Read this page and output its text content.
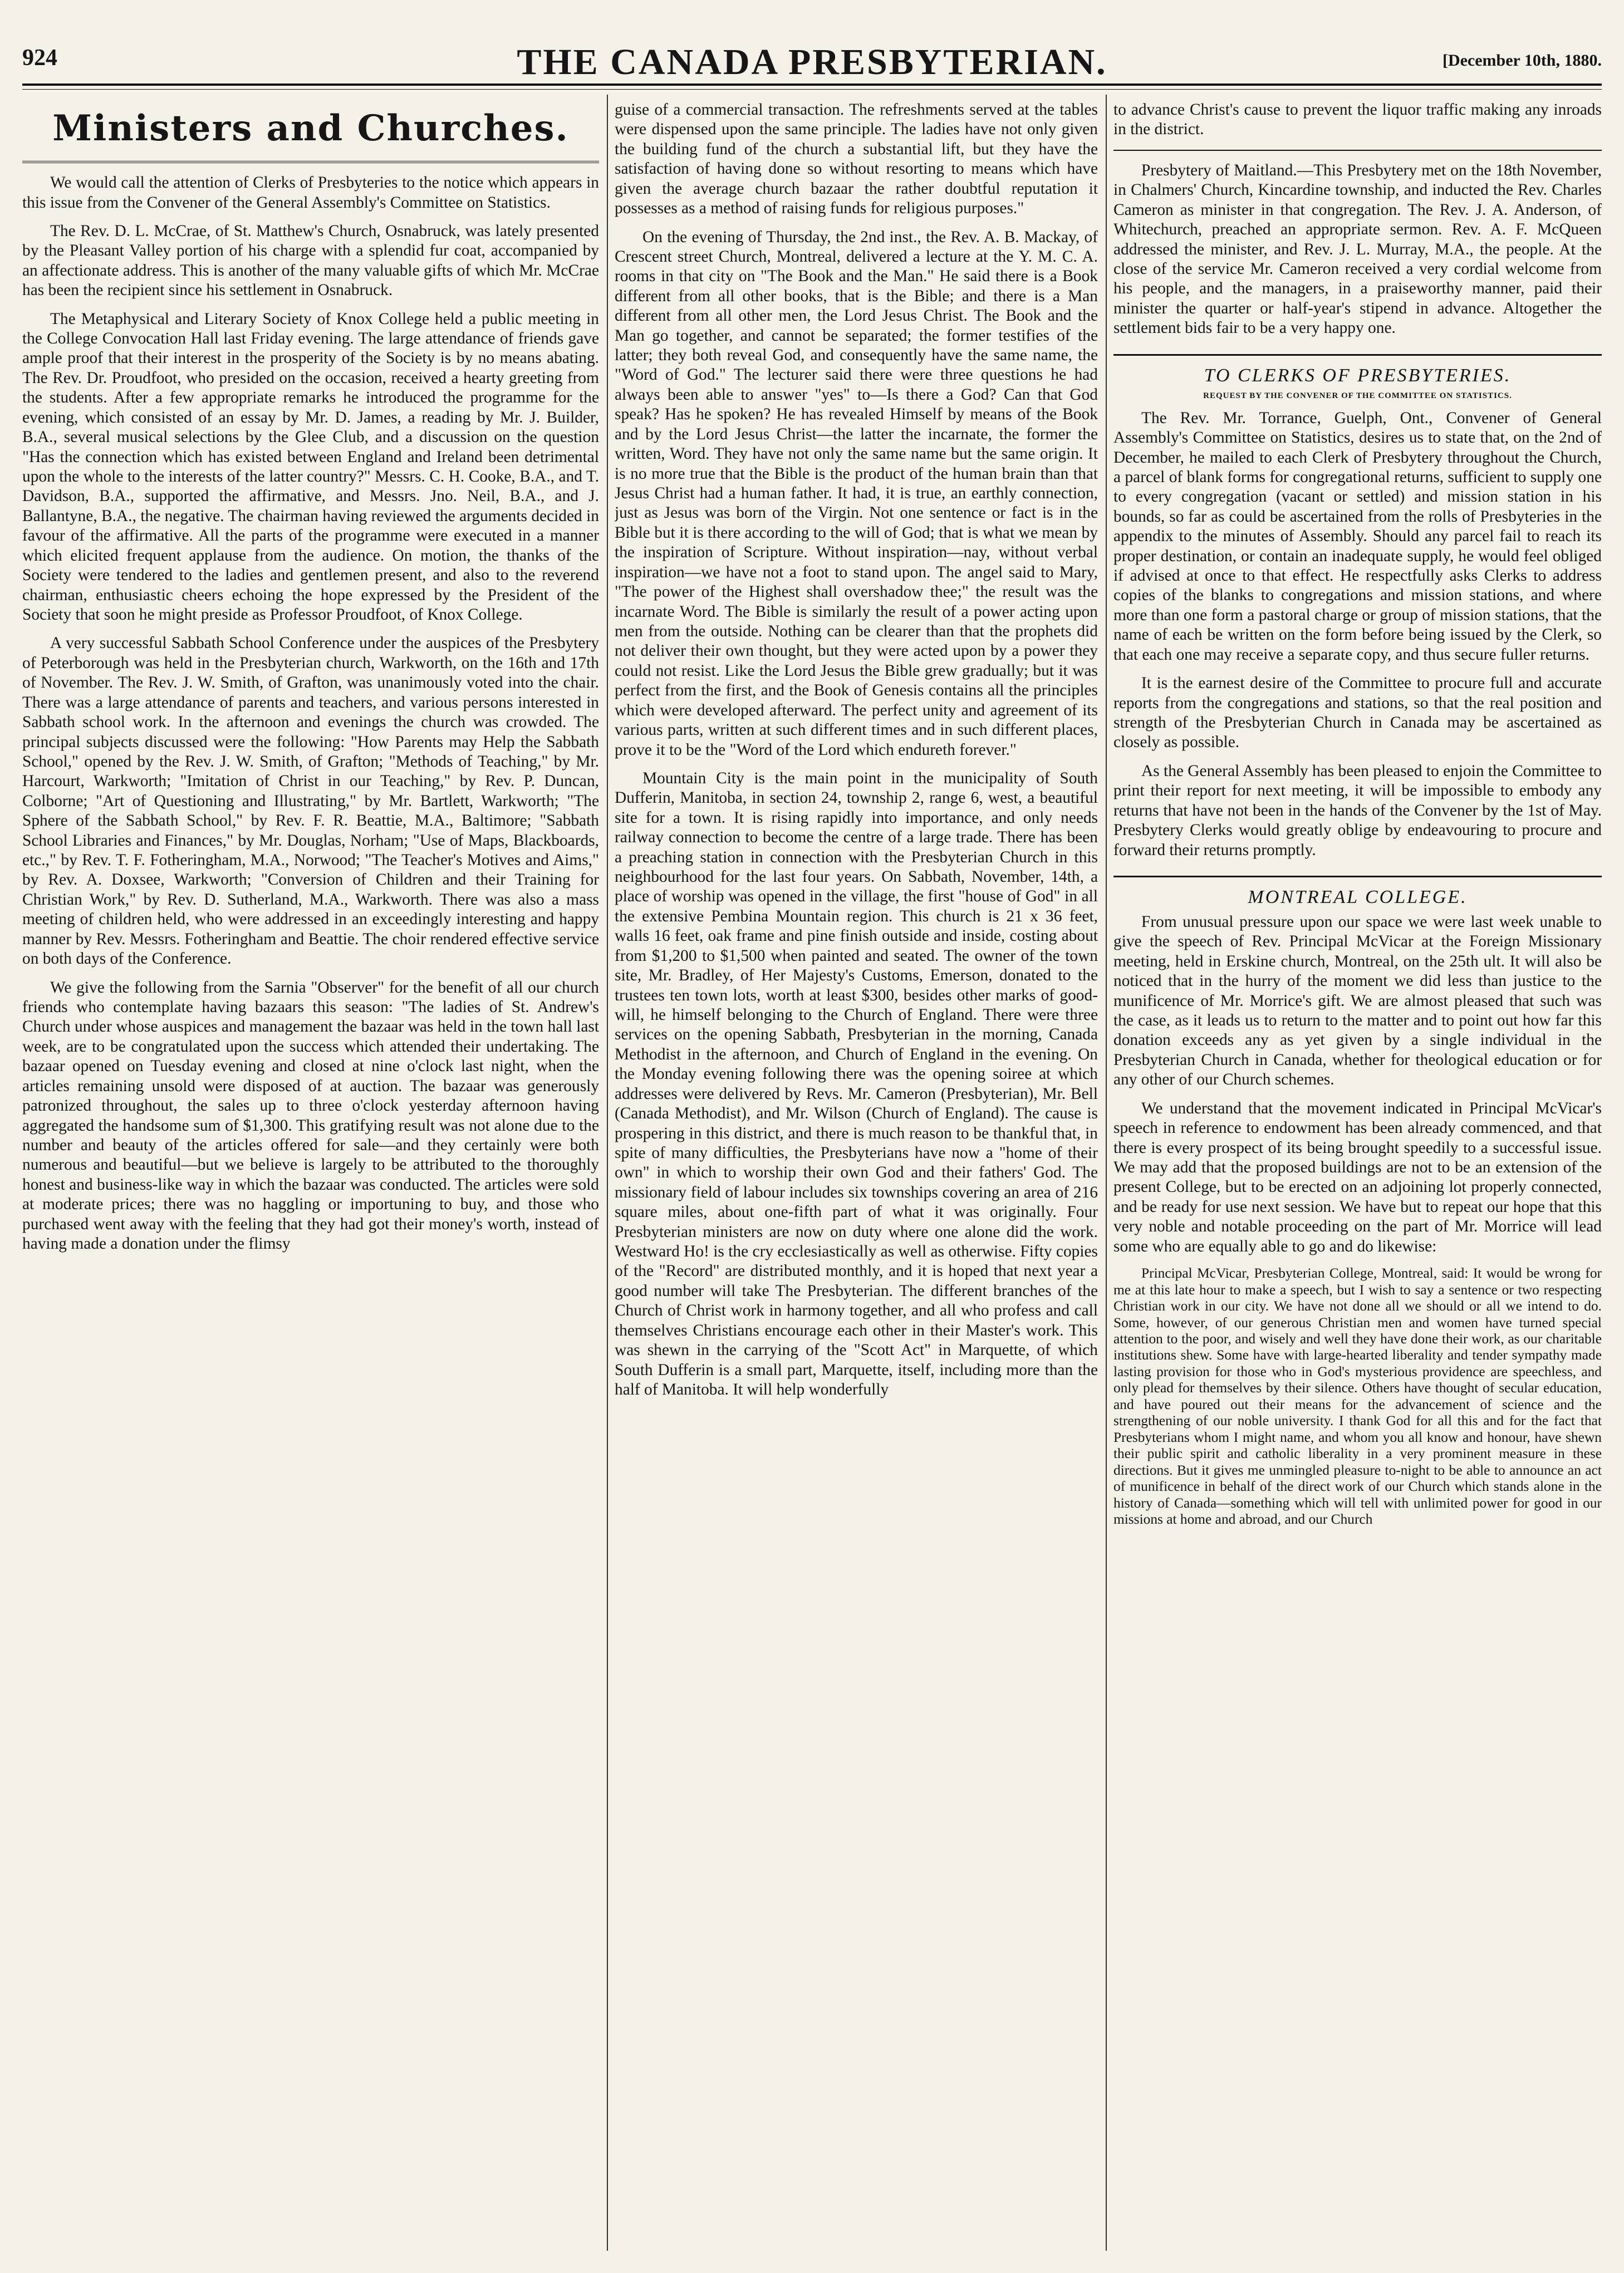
924	THE CANADA PRESBYTERIAN.	[December 10th, 1880.
Ministers and Churches.

We would call the attention of Clerks of Presbyteries to the notice which appears in this issue from the Convener of the General Assembly's Committee on Statistics.

The Rev. D. L. McCrae, of St. Matthew's Church, Osnabruck, was lately presented by the Pleasant Valley portion of his charge with a splendid fur coat, accompanied by an affectionate address. This is another of the many valuable gifts of which Mr. McCrae has been the recipient since his settlement in Osnabruck.

The Metaphysical and Literary Society of Knox College held a public meeting in the College Convocation Hall last Friday evening. The large attendance of friends gave ample proof that their interest in the prosperity of the Society is by no means abating. The Rev. Dr. Proudfoot, who presided on the occasion, received a hearty greeting from the students. After a few appropriate remarks he introduced the programme for the evening, which consisted of an essay by Mr. D. James, a reading by Mr. J. Builder, B.A., several musical selections by the Glee Club, and a discussion on the question "Has the connection which has existed between England and Ireland been detrimental upon the whole to the interests of the latter country?" Messrs. C. H. Cooke, B.A., and T. Davidson, B.A., supported the affirmative, and Messrs. Jno. Neil, B.A., and J. Ballantyne, B.A., the negative. The chairman having reviewed the arguments decided in favour of the affirmative. All the parts of the programme were executed in a manner which elicited frequent applause from the audience. On motion, the thanks of the Society were tendered to the ladies and gentlemen present, and also to the reverend chairman, enthusiastic cheers echoing the hope expressed by the President of the Society that soon he might preside as Professor Proudfoot, of Knox College.

A very successful Sabbath School Conference under the auspices of the Presbytery of Peterborough was held in the Presbyterian church, Warkworth, on the 16th and 17th of November. The Rev. J. W. Smith, of Grafton, was unanimously voted into the chair. There was a large attendance of parents and teachers, and various persons interested in Sabbath school work. In the afternoon and evenings the church was crowded. The principal subjects discussed were the following: "How Parents may Help the Sabbath School," opened by the Rev. J. W. Smith, of Grafton; "Methods of Teaching," by Mr. Harcourt, Warkworth; "Imitation of Christ in our Teaching," by Rev. P. Duncan, Colborne; "Art of Questioning and Illustrating," by Mr. Bartlett, Warkworth; "The Sphere of the Sabbath School," by Rev. F. R. Beattie, M.A., Baltimore; "Sabbath School Libraries and Finances," by Mr. Douglas, Norham; "Use of Maps, Blackboards, etc.," by Rev. T. F. Fotheringham, M.A., Norwood; "The Teacher's Motives and Aims," by Rev. A. Doxsee, Warkworth; "Conversion of Children and their Training for Christian Work," by Rev. D. Sutherland, M.A., Warkworth. There was also a mass meeting of children held, who were addressed in an exceedingly interesting and happy manner by Rev. Messrs. Fotheringham and Beattie. The choir rendered effective service on both days of the Conference.

We give the following from the Sarnia "Observer" for the benefit of all our church friends who contemplate having bazaars this season: "The ladies of St. Andrew's Church under whose auspices and management the bazaar was held in the town hall last week, are to be congratulated upon the success which attended their undertaking. The bazaar opened on Tuesday evening and closed at nine o'clock last night, when the articles remaining unsold were disposed of at auction. The bazaar was generously patronized throughout, the sales up to three o'clock yesterday afternoon having aggregated the handsome sum of $1,300. This gratifying result was not alone due to the number and beauty of the articles offered for sale—and they certainly were both numerous and beautiful—but we believe is largely to be attributed to the thoroughly honest and business-like way in which the bazaar was conducted. The articles were sold at moderate prices; there was no haggling or importuning to buy, and those who purchased went away with the feeling that they had got their money's worth, instead of having made a donation under the flimsy

guise of a commercial transaction. The refreshments served at the tables were dispensed upon the same principle. The ladies have not only given the building fund of the church a substantial lift, but they have the satisfaction of having done so without resorting to means which have given the average church bazaar the rather doubtful reputation it possesses as a method of raising funds for religious purposes."

On the evening of Thursday, the 2nd inst., the Rev. A. B. Mackay, of Crescent street Church, Montreal, delivered a lecture at the Y. M. C. A. rooms in that city on "The Book and the Man." He said there is a Book different from all other books, that is the Bible; and there is a Man different from all other men, the Lord Jesus Christ. The Book and the Man go together, and cannot be separated; the former testifies of the latter; they both reveal God, and consequently have the same name, the "Word of God." The lecturer said there were three questions he had always been able to answer "yes" to—Is there a God? Can that God speak? Has he spoken? He has revealed Himself by means of the Book and by the Lord Jesus Christ—the latter the incarnate, the former the written, Word. They have not only the same name but the same origin. It is no more true that the Bible is the product of the human brain than that Jesus Christ had a human father. It had, it is true, an earthly connection, just as Jesus was born of the Virgin. Not one sentence or fact is in the Bible but it is there according to the will of God; that is what we mean by the inspiration of Scripture. Without inspiration—nay, without verbal inspiration—we have not a foot to stand upon. The angel said to Mary, "The power of the Highest shall overshadow thee;" the result was the incarnate Word. The Bible is similarly the result of a power acting upon men from the outside. Nothing can be clearer than that the prophets did not deliver their own thought, but they were acted upon by a power they could not resist. Like the Lord Jesus the Bible grew gradually; but it was perfect from the first, and the Book of Genesis contains all the principles which were developed afterward. The perfect unity and agreement of its various parts, written at such different times and in such different places, prove it to be the "Word of the Lord which endureth forever."

Mountain City is the main point in the municipality of South Dufferin, Manitoba, in section 24, township 2, range 6, west, a beautiful site for a town. It is rising rapidly into importance, and only needs railway connection to become the centre of a large trade. There has been a preaching station in connection with the Presbyterian Church in this neighbourhood for the last four years. On Sabbath, November, 14th, a place of worship was opened in the village, the first "house of God" in all the extensive Pembina Mountain region. This church is 21 x 36 feet, walls 16 feet, oak frame and pine finish outside and inside, costing about from $1,200 to $1,500 when painted and seated. The owner of the town site, Mr. Bradley, of Her Majesty's Customs, Emerson, donated to the trustees ten town lots, worth at least $300, besides other marks of good-will, he himself belonging to the Church of England. There were three services on the opening Sabbath, Presbyterian in the morning, Canada Methodist in the afternoon, and Church of England in the evening. On the Monday evening following there was the opening soiree at which addresses were delivered by Revs. Mr. Cameron (Presbyterian), Mr. Bell (Canada Methodist), and Mr. Wilson (Church of England). The cause is prospering in this district, and there is much reason to be thankful that, in spite of many difficulties, the Presbyterians have now a "home of their own" in which to worship their own God and their fathers' God. The missionary field of labour includes six townships covering an area of 216 square miles, about one-fifth part of what it was originally. Four Presbyterian ministers are now on duty where one alone did the work. Westward Ho! is the cry ecclesiastically as well as otherwise. Fifty copies of the "Record" are distributed monthly, and it is hoped that next year a good number will take The Presbyterian. The different branches of the Church of Christ work in harmony together, and all who profess and call themselves Christians encourage each other in their Master's work. This was shewn in the carrying of the "Scott Act" in Marquette, of which South Dufferin is a small part, Marquette, itself, including more than the half of Manitoba. It will help wonderfully

to advance Christ's cause to prevent the liquor traffic making any inroads in the district.

Presbytery of Maitland.—This Presbytery met on the 18th November, in Chalmers' Church, Kincardine township, and inducted the Rev. Charles Cameron as minister in that congregation. The Rev. J. A. Anderson, of Whitechurch, preached an appropriate sermon. Rev. A. F. McQueen addressed the minister, and Rev. J. L. Murray, M.A., the people. At the close of the service Mr. Cameron received a very cordial welcome from his people, and the managers, in a praiseworthy manner, paid their minister the quarter or half-year's stipend in advance. Altogether the settlement bids fair to be a very happy one.

TO CLERKS OF PRESBYTERIES.
REQUEST BY THE CONVENER OF THE COMMITTEE ON STATISTICS.

The Rev. Mr. Torrance, Guelph, Ont., Convener of General Assembly's Committee on Statistics, desires us to state that, on the 2nd of December, he mailed to each Clerk of Presbytery throughout the Church, a parcel of blank forms for congregational returns, sufficient to supply one to every congregation (vacant or settled) and mission station in his bounds, so far as could be ascertained from the rolls of Presbyteries in the appendix to the minutes of Assembly. Should any parcel fail to reach its proper destination, or contain an inadequate supply, he would feel obliged if advised at once to that effect. He respectfully asks Clerks to address copies of the blanks to congregations and mission stations, and where more than one form a pastoral charge or group of mission stations, that the name of each be written on the form before being issued by the Clerk, so that each one may receive a separate copy, and thus secure fuller returns.

It is the earnest desire of the Committee to procure full and accurate reports from the congregations and stations, so that the real position and strength of the Presbyterian Church in Canada may be ascertained as closely as possible.

As the General Assembly has been pleased to enjoin the Committee to print their report for next meeting, it will be impossible to embody any returns that have not been in the hands of the Convener by the 1st of May. Presbytery Clerks would greatly oblige by endeavouring to procure and forward their returns promptly.

MONTREAL COLLEGE.

From unusual pressure upon our space we were last week unable to give the speech of Rev. Principal McVicar at the Foreign Missionary meeting, held in Erskine church, Montreal, on the 25th ult. It will also be noticed that in the hurry of the moment we did less than justice to the munificence of Mr. Morrice's gift. We are almost pleased that such was the case, as it leads us to return to the matter and to point out how far this donation exceeds any as yet given by a single individual in the Presbyterian Church in Canada, whether for theological education or for any other of our Church schemes.

We understand that the movement indicated in Principal McVicar's speech in reference to endowment has been already commenced, and that there is every prospect of its being brought speedily to a successful issue. We may add that the proposed buildings are not to be an extension of the present College, but to be erected on an adjoining lot properly connected, and be ready for use next session. We have but to repeat our hope that this very noble and notable proceeding on the part of Mr. Morrice will lead some who are equally able to go and do likewise:

Principal McVicar, Presbyterian College, Montreal, said: It would be wrong for me at this late hour to make a speech, but I wish to say a sentence or two respecting Christian work in our city. We have not done all we should or all we intend to do. Some, however, of our generous Christian men and women have turned special attention to the poor, and wisely and well they have done their work, as our charitable institutions shew. Some have with large-hearted liberality and tender sympathy made lasting provision for those who in God's mysterious providence are speechless, and only plead for themselves by their silence. Others have thought of secular education, and have poured out their means for the advancement of science and the strengthening of our noble university. I thank God for all this and for the fact that Presbyterians whom I might name, and whom you all know and honour, have shewn their public spirit and catholic liberality in a very prominent measure in these directions. But it gives me unmingled pleasure to-night to be able to announce an act of munificence in behalf of the direct work of our Church which stands alone in the history of Canada—something which will tell with unlimited power for good in our missions at home and abroad, and our Church
